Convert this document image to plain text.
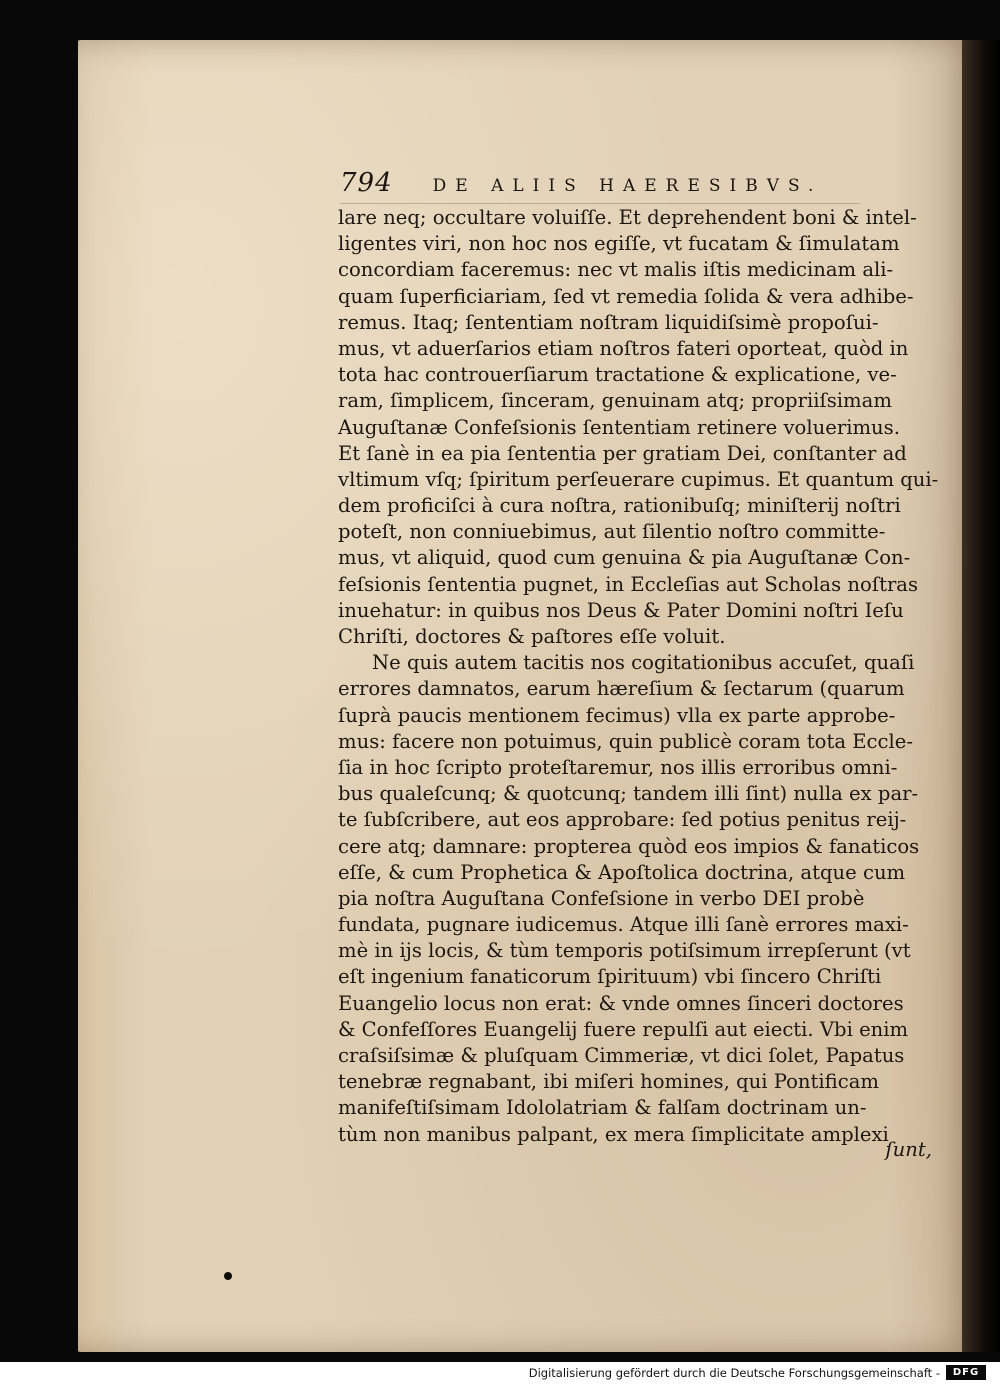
794 DE ALIIS HAERESIBVS.
lare neq; occultare voluiſſe. Et deprehendent boni & intel-
ligentes viri, non hoc nos egiſſe, vt fucatam & ſimulatam
concordiam faceremus: nec vt malis iſtis medicinam ali-
quam ſuperficiariam, ſed vt remedia ſolida & vera adhibe-
remus. Itaq; ſententiam noſtram liquidiſsimè propoſui-
mus, vt aduerſarios etiam noſtros fateri oporteat, quòd in
tota hac controuerſiarum tractatione & explicatione, ve-
ram, ſimplicem, ſinceram, genuinam atq; propriiſsimam
Auguſtanæ Confeſsionis ſententiam retinere voluerimus.
Et ſanè in ea pia ſententia per gratiam Dei, conſtanter ad
vltimum vſq; ſpiritum perſeuerare cupimus. Et quantum qui-
dem proficiſci à cura noſtra, rationibuſq; miniſterij noſtri
poteſt, non conniuebimus, aut ſilentio noſtro committe-
mus, vt aliquid, quod cum genuina & pia Auguſtanæ Con-
feſsionis ſententia pugnet, in Eccleſias aut Scholas noſtras
inuehatur: in quibus nos Deus & Pater Domini noſtri Ieſu
Chriſti, doctores & paſtores eſſe voluit.
Ne quis autem tacitis nos cogitationibus accuſet, quaſi
errores damnatos, earum hæreſium & ſectarum (quarum
ſuprà paucis mentionem fecimus) vlla ex parte approbe-
mus: facere non potuimus, quin publicè coram tota Eccle-
ſia in hoc ſcripto proteſtaremur, nos illis erroribus omni-
bus qualeſcunq; & quotcunq; tandem illi ſint) nulla ex par-
te ſubſcribere, aut eos approbare: ſed potius penitus reij-
cere atq; damnare: propterea quòd eos impios & fanaticos
eſſe, & cum Prophetica & Apoſtolica doctrina, atque cum
pia noſtra Auguſtana Confeſsione in verbo DEI probè
fundata, pugnare iudicemus. Atque illi ſanè errores maxi-
mè in ijs locis, & tùm temporis potiſsimum irrepſerunt (vt
eſt ingenium fanaticorum ſpirituum) vbi ſincero Chriſti
Euangelio locus non erat: & vnde omnes ſinceri doctores
& Confeſſores Euangelij fuere repulſi aut eiecti. Vbi enim
craſsiſsimæ & pluſquam Cimmeriæ, vt dici ſolet, Papatus
tenebræ regnabant, ibi miſeri homines, qui Pontificam
manifeſtiſsimam Idololatriam & falſam doctrinam un-
tùm non manibus palpant, ex mera ſimplicitate amplexi
ſunt,
Digitalisierung gefördert durch die Deutsche Forschungsgemeinschaft -	DFG
